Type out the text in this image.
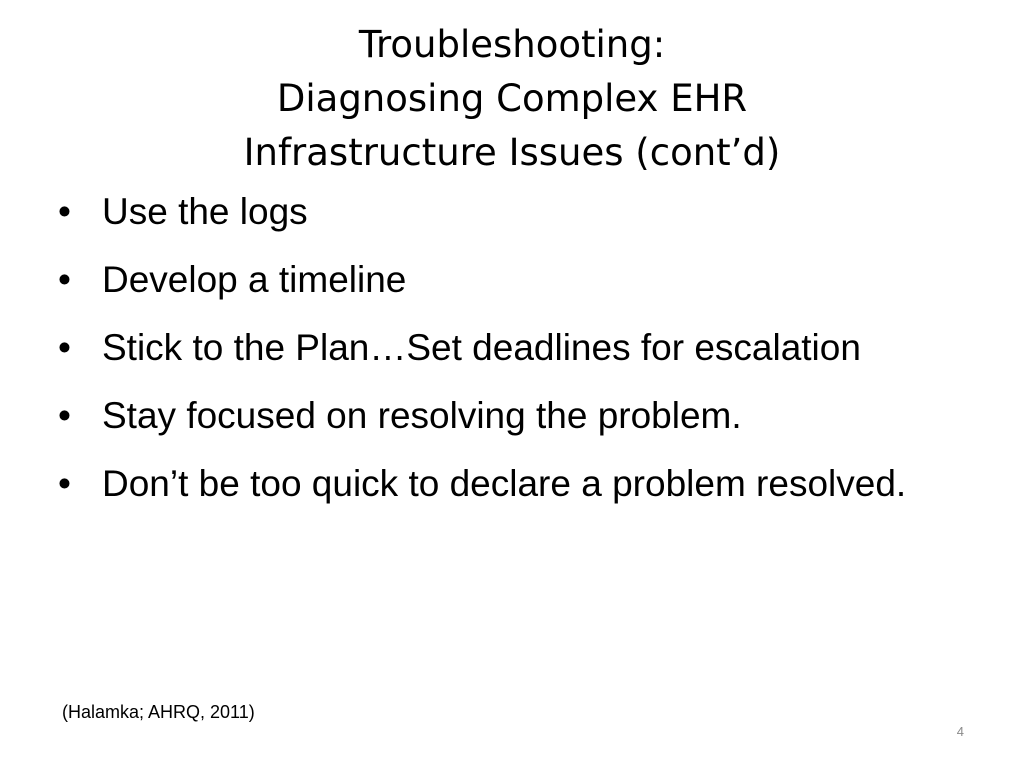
Troubleshooting:
Diagnosing Complex EHR
Infrastructure Issues (cont’d)
• Use the logs
• Develop a timeline
• Stick to the Plan…Set deadlines for escalation
• Stay focused on resolving the problem.
• Don’t be too quick to declare a problem resolved.
(Halamka; AHRQ, 2011)
4
